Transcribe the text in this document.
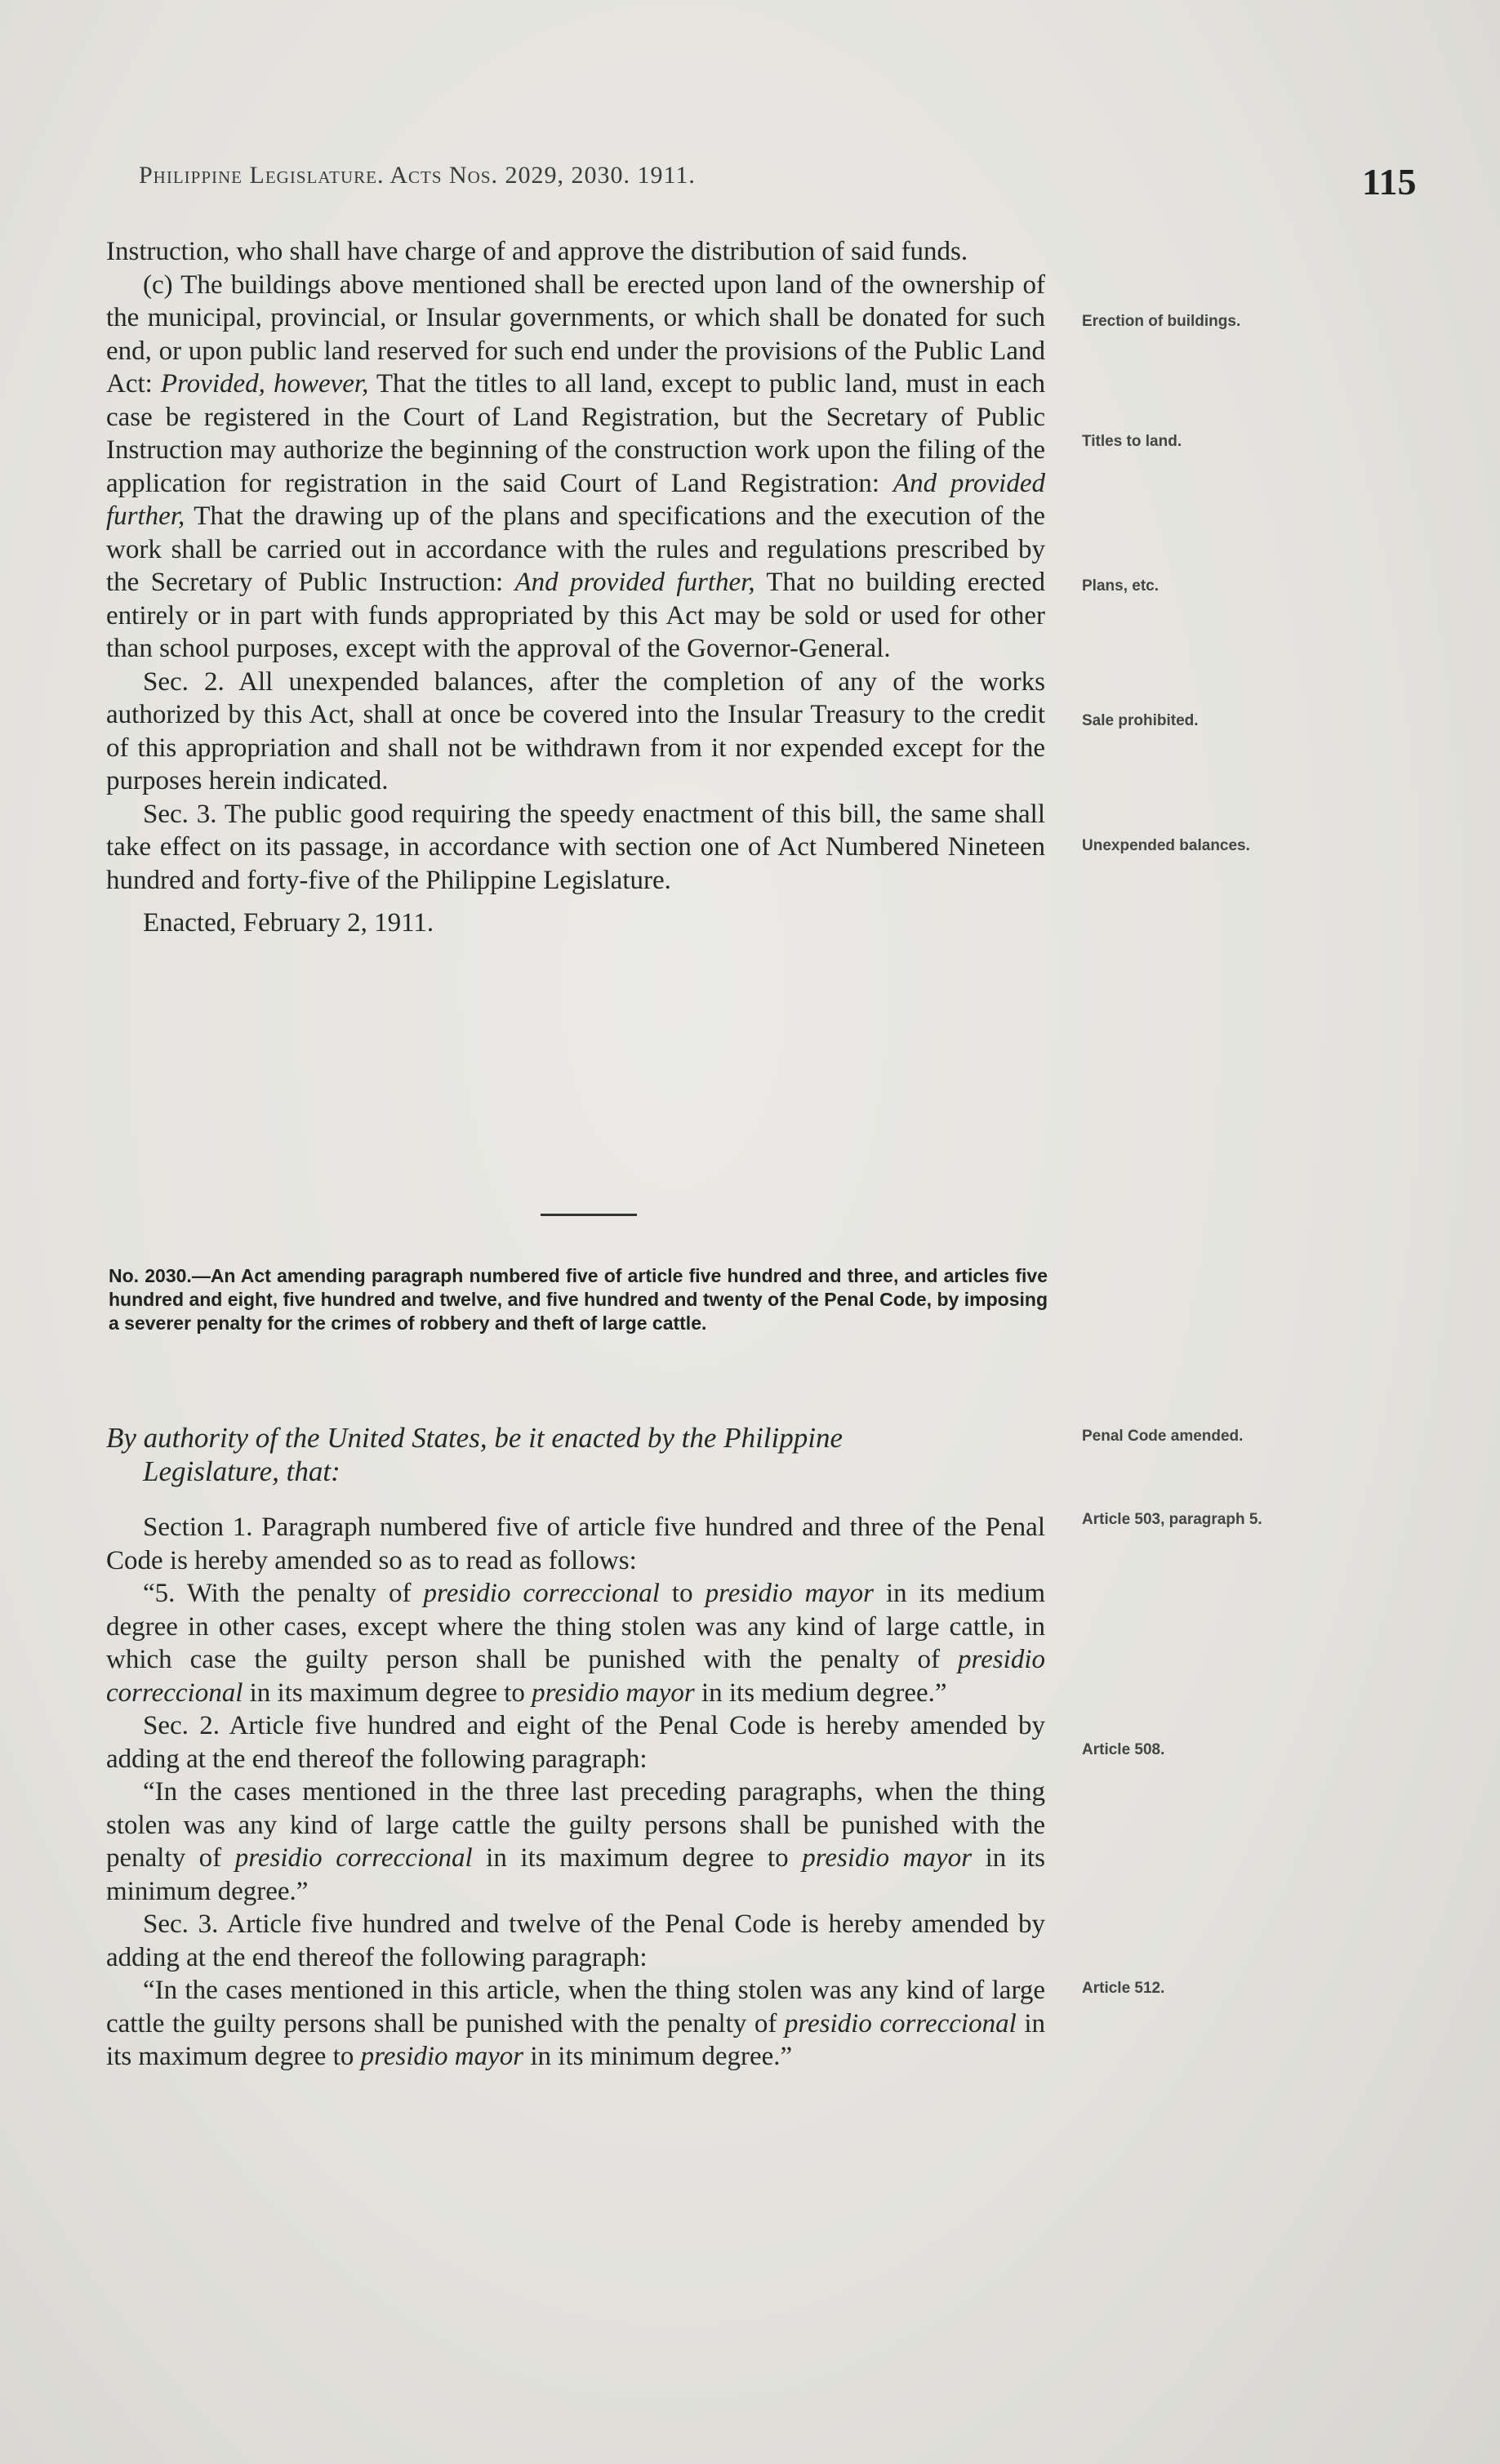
Philippine Legislature. Acts Nos. 2029, 2030. 1911.	115

Instruction, who shall have charge of and approve the distribution of said funds.

(c) The buildings above mentioned shall be erected upon land of the ownership of the municipal, provincial, or Insular governments, or which shall be donated for such end, or upon public land reserved for such end under the provisions of the Public Land Act: Provided, however, That the titles to all land, except to public land, must in each case be registered in the Court of Land Registration, but the Secretary of Public Instruction may authorize the beginning of the construction work upon the filing of the application for registration in the said Court of Land Registration: And provided further, That the drawing up of the plans and specifications and the execution of the work shall be carried out in accordance with the rules and regulations prescribed by the Secretary of Public Instruction: And provided further, That no building erected entirely or in part with funds appropriated by this Act may be sold or used for other than school purposes, except with the approval of the Governor-General.

Sec. 2. All unexpended balances, after the completion of any of the works authorized by this Act, shall at once be covered into the Insular Treasury to the credit of this appropriation and shall not be withdrawn from it nor expended except for the purposes herein indicated.

Sec. 3. The public good requiring the speedy enactment of this bill, the same shall take effect on its passage, in accordance with section one of Act Numbered Nineteen hundred and forty-five of the Philippine Legislature.

Enacted, February 2, 1911.

Erection of buildings.
Titles to land.
Plans, etc.
Sale prohibited.
Unexpended balances.
Penal Code amended.
Article 503, paragraph 5.
Article 508.
Article 512.
No. 2030.—An Act amending paragraph numbered five of article five hundred and three, and articles five hundred and eight, five hundred and twelve, and five hundred and twenty of the Penal Code, by imposing a severer penalty for the crimes of robbery and theft of large cattle.
By authority of the United States, be it enacted by the Philippine
Legislature, that:

Section 1. Paragraph numbered five of article five hundred and three of the Penal Code is hereby amended so as to read as follows:

“5. With the penalty of presidio correccional to presidio mayor in its medium degree in other cases, except where the thing stolen was any kind of large cattle, in which case the guilty person shall be punished with the penalty of presidio correccional in its maximum degree to presidio mayor in its medium degree.”

Sec. 2. Article five hundred and eight of the Penal Code is hereby amended by adding at the end thereof the following paragraph:

“In the cases mentioned in the three last preceding paragraphs, when the thing stolen was any kind of large cattle the guilty persons shall be punished with the penalty of presidio correccional in its maximum degree to presidio mayor in its minimum degree.”

Sec. 3. Article five hundred and twelve of the Penal Code is hereby amended by adding at the end thereof the following paragraph:

“In the cases mentioned in this article, when the thing stolen was any kind of large cattle the guilty persons shall be punished with the penalty of presidio correccional in its maximum degree to presidio mayor in its minimum degree.”
